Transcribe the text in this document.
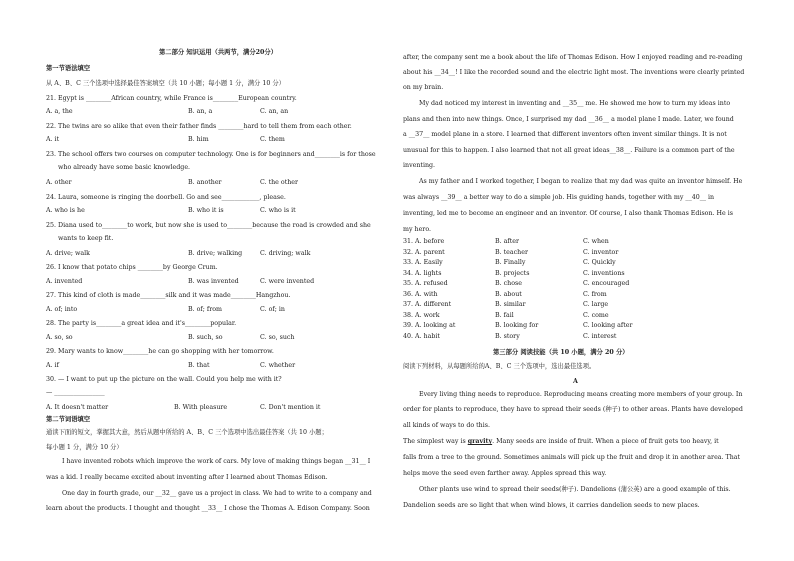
第二部分 知识运用（共两节，满分20分）
第一节语法填空
从 A、B、C 三个选项中选择最佳答案填空（共 10 小题；每小题 1 分，满分 10 分）
21. Egypt is ________African country, while France is________European country.
A. a, the	B. an, a	C. an, an
22. The twins are so alike that even their father finds ________hard to tell them from each other.
A. it	B. him	C. them
23. The school offers two courses on computer technology. One is for beginners and________is for those
who already have some basic knowledge.
A. other	B. another	C. the other
24. Laura, someone is ringing the doorbell. Go and see____________, please.
A. who is he	B. who it is	C. who is it
25. Diana used to________to work, but now she is used to________because the road is crowded and she
wants to keep fit.
A. drive; walk	B. drive; walking	C. driving; walk
26. I know that potato chips ________by George Crum.
A. invented	B. was invented	C. were invented
27. This kind of cloth is made________silk and it was made________Hangzhou.
A. of; into	B. of; from	C. of; in
28. The party is________a great idea and it's________popular.
A. so, so	B. such, so	C. so, such
29. Mary wants to know________he can go shopping with her tomorrow.
A. if	B. that	C. whether
30. — I want to put up the picture on the wall. Could you help me with it?
— ________________
A. It doesn't matter	B. With pleasure	C. Don't mention it
第二节词语填空
通读下面的短文，掌握其大意，然后从题中所给的 A、B、C 三个选项中选出最佳答案（共 10 小题；
每小题 1 分，满分 10 分）
I have invented robots which improve the work of cars. My love of making things began __31__ I
was a kid. I really became excited about inventing after I learned about Thomas Edison.
One day in fourth grade, our __32__ gave us a project in class. We had to write to a company and
learn about the products. I thought and thought __33__ I chose the Thomas A. Edison Company. Soon
after, the company sent me a book about the life of Thomas Edison. How I enjoyed reading and re-reading
about his __34__! I like the recorded sound and the electric light most. The inventions were clearly printed
on my brain.
My dad noticed my interest in inventing and __35__ me. He showed me how to turn my ideas into
plans and then into new things. Once, I surprised my dad __36__ a model plane I made. Later, we found
a __37__ model plane in a store. I learned that different inventors often invent similar things. It is not
unusual for this to happen. I also learned that not all great ideas__38__. Failure is a common part of the
inventing.
As my father and I worked together, I began to realize that my dad was quite an inventor himself. He
was always __39__ a better way to do a simple job. His guiding hands, together with my __40__ in
inventing, led me to become an engineer and an inventor. Of course, I also thank Thomas Edison. He is
my hero.
31. A. before	B. after	C. when
32. A. parent	B. teacher	C. inventor
33. A. Easily	B. Finally	C. Quickly
34. A. lights	B. projects	C. inventions
35. A. refused	B. chose	C. encouraged
36. A. with	B. about	C. from
37. A. different	B. similar	C. large
38. A. work	B. fail	C. come
39. A. looking at	B. looking for	C. looking after
40. A. habit	B. story	C. interest
第三部分 阅读技能（共 10 小题，满分 20 分）
阅读下列材料，从每题所给的A、B、C 三个选项中，选出最佳选项。
A
Every living thing needs to reproduce. Reproducing means creating more members of your group. In
order for plants to reproduce, they have to spread their seeds (种子) to other areas. Plants have developed
all kinds of ways to do this.
The simplest way is gravity. Many seeds are inside of fruit. When a piece of fruit gets too heavy, it
falls from a tree to the ground. Sometimes animals will pick up the fruit and drop it in another area. That
helps move the seed even farther away. Apples spread this way.
Other plants use wind to spread their seeds(种子). Dandelions (蒲公英) are a good example of this.
Dandelion seeds are so light that when wind blows, it carries dandelion seeds to new places.
